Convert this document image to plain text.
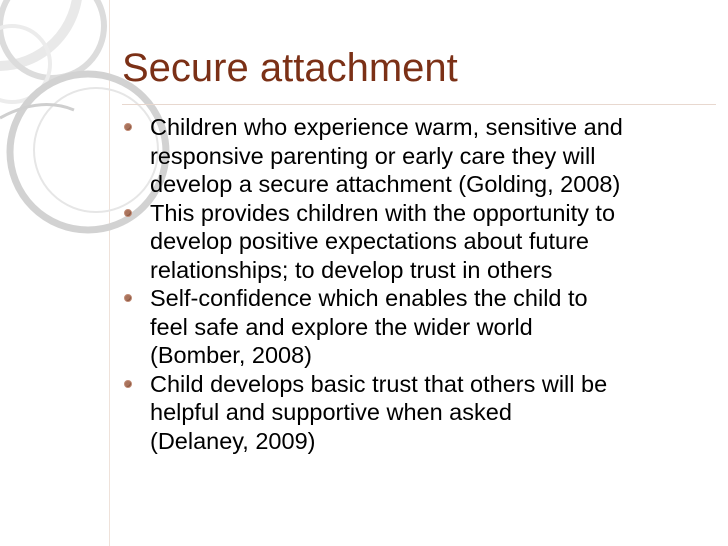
Secure attachment
Children who experience warm, sensitive and
responsive parenting or early care they will
develop a secure attachment (Golding, 2008)
This provides children with the opportunity to
develop positive expectations about future
relationships; to develop trust in others
Self-confidence which enables the child to
feel safe and explore the wider world
(Bomber, 2008)
Child develops basic trust that others will be
helpful and supportive when asked
(Delaney, 2009)
